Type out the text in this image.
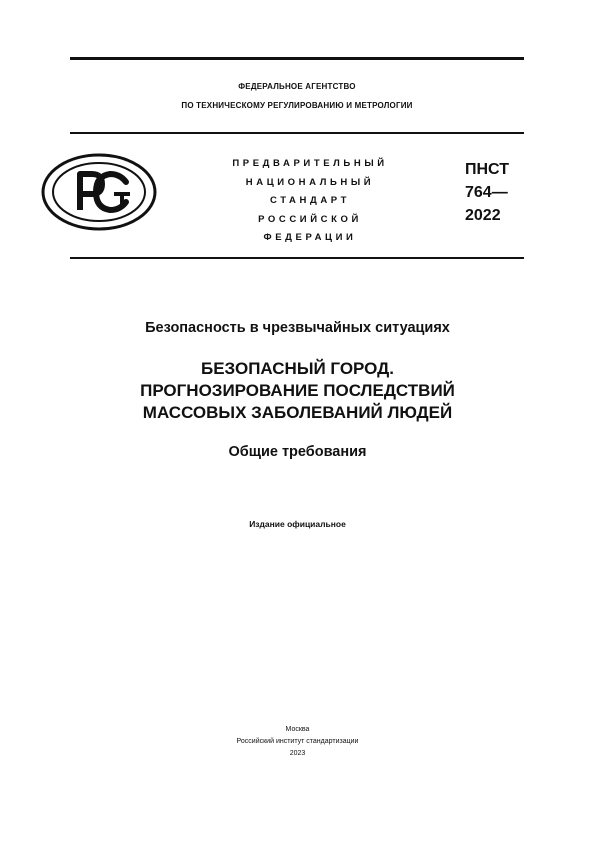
ФЕДЕРАЛЬНОЕ АГЕНТСТВО
ПО ТЕХНИЧЕСКОМУ РЕГУЛИРОВАНИЮ И МЕТРОЛОГИИ
ПРЕДВАРИТЕЛЬНЫЙ
НАЦИОНАЛЬНЫЙ
СТАНДАРТ
РОССИЙСКОЙ
ФЕДЕРАЦИИ
ПНСТ
764—
2022
Безопасность в чрезвычайных ситуациях
БЕЗОПАСНЫЙ ГОРОД.
ПРОГНОЗИРОВАНИЕ ПОСЛЕДСТВИЙ
МАССОВЫХ ЗАБОЛЕВАНИЙ ЛЮДЕЙ
Общие требования
Издание официальное
Москва
Российский институт стандартизации
2023
